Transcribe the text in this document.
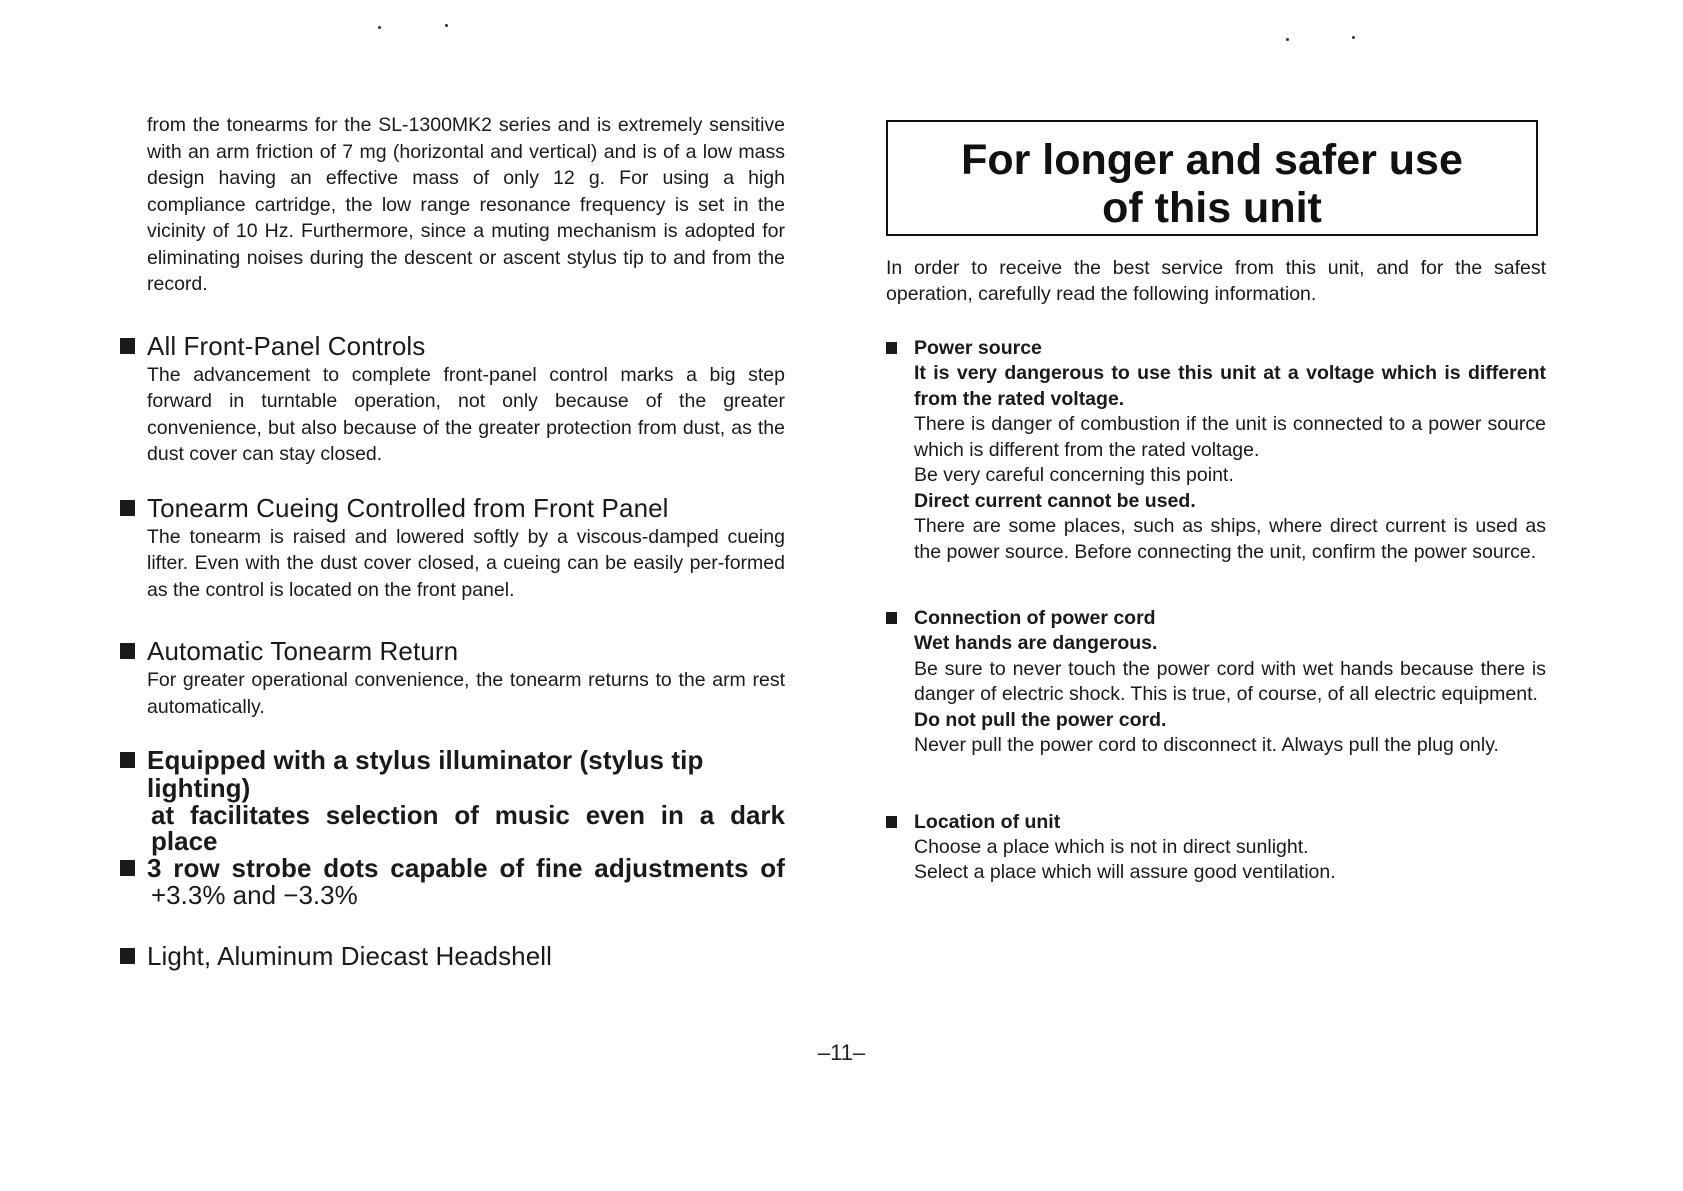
from the tonearms for the SL-1300MK2 series and is extremely sensitive with an arm friction of 7 mg (horizontal and vertical) and is of a low mass design having an effective mass of only 12 g. For using a high compliance cartridge, the low range resonance frequency is set in the vicinity of 10 Hz. Furthermore, since a muting mechanism is adopted for eliminating noises during the descent or ascent stylus tip to and from the record.

All Front-Panel Controls

The advancement to complete front-panel control marks a big step forward in turntable operation, not only because of the greater convenience, but also because of the greater protection from dust, as the dust cover can stay closed.

Tonearm Cueing Controlled from Front Panel

The tonearm is raised and lowered softly by a viscous-damped cueing lifter. Even with the dust cover closed, a cueing can be easily per-formed as the control is located on the front panel.

Automatic Tonearm Return

For greater operational convenience, the tonearm returns to the arm rest automatically.

Equipped with a stylus illuminator (stylus tip lighting)
at facilitates selection of music even in a dark place
3 row strobe dots capable of fine adjustments of
+3.3% and −3.3%
Light, Aluminum Diecast Headshell
For longer and safer use
of this unit

In order to receive the best service from this unit, and for the safest operation, carefully read the following information.

Power source
It is very dangerous to use this unit at a voltage which is different from the rated voltage.
There is danger of combustion if the unit is connected to a power source which is different from the rated voltage.
Be very careful concerning this point.
Direct current cannot be used.
There are some places, such as ships, where direct current is used as the power source. Before connecting the unit, confirm the power source.
Connection of power cord
Wet hands are dangerous.
Be sure to never touch the power cord with wet hands because there is danger of electric shock. This is true, of course, of all electric equipment.
Do not pull the power cord.
Never pull the power cord to disconnect it. Always pull the plug only.
Location of unit
Choose a place which is not in direct sunlight.
Select a place which will assure good ventilation.
–11–
